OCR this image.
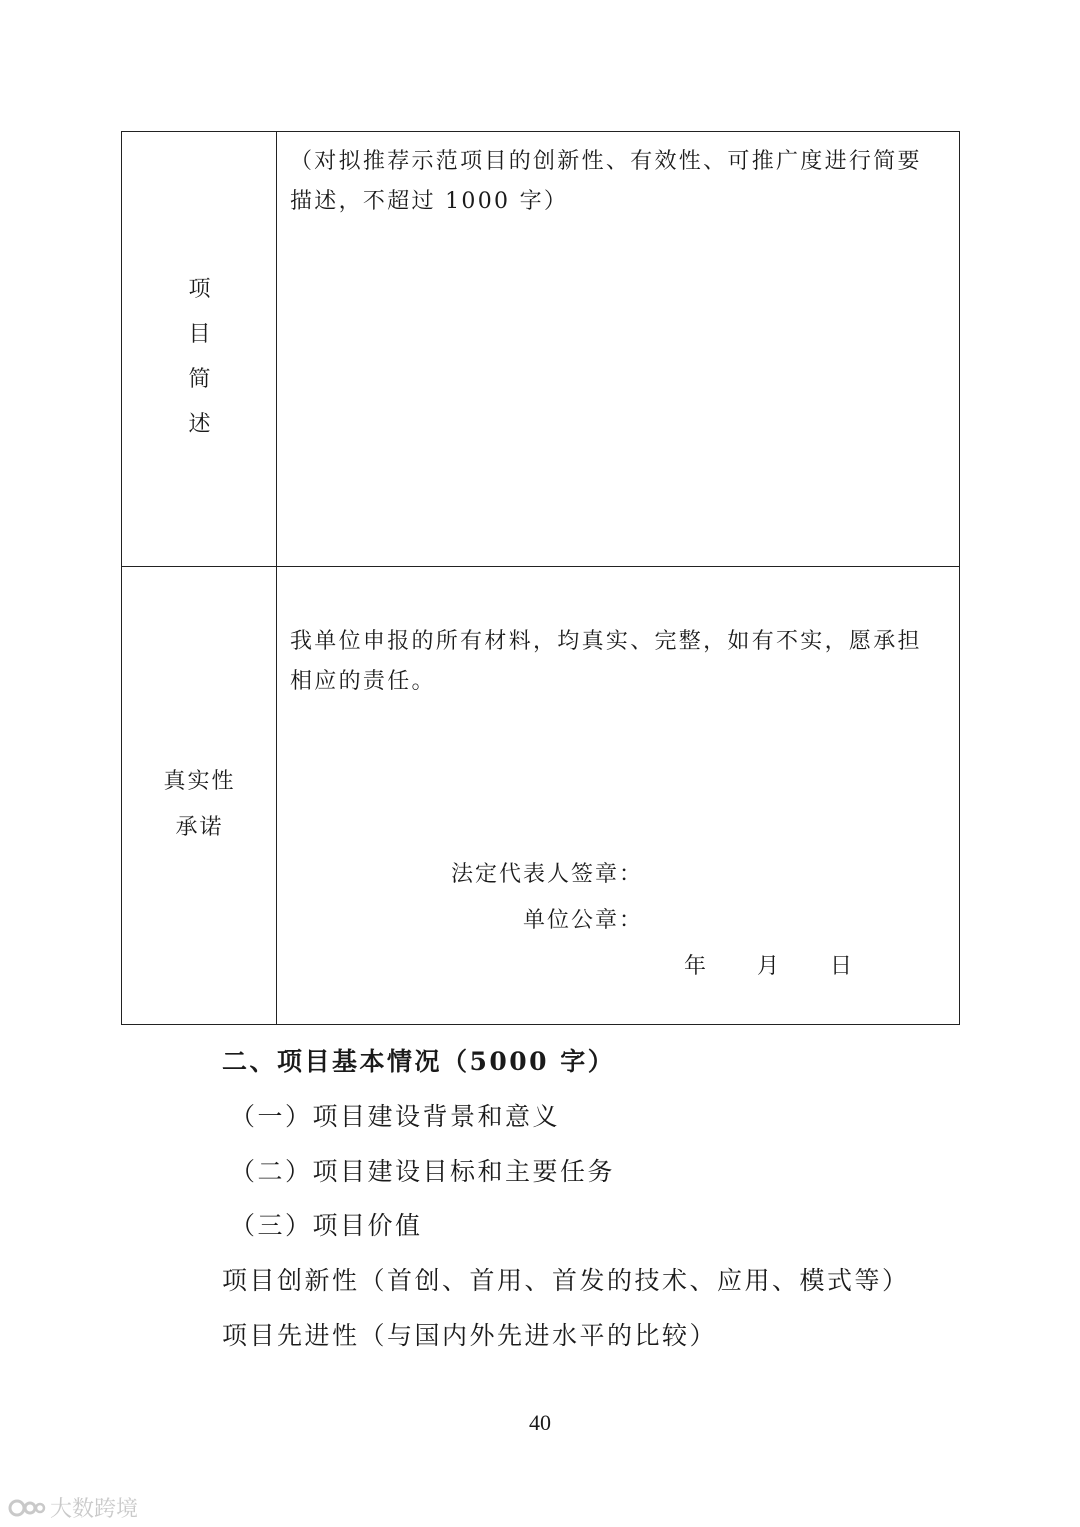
项
目
简
述
（对拟推荐示范项目的创新性、有效性、可推广度进行简要
描述，不超过 1000 字）
真实性
承诺
我单位申报的所有材料，均真实、完整，如有不实，愿承担
相应的责任。
法定代表人签章：
单位公章：
年 月 日
二、项目基本情况（5000 字）
（一）项目建设背景和意义
（二）项目建设目标和主要任务
（三）项目价值
项目创新性（首创、首用、首发的技术、应用、模式等）
项目先进性（与国内外先进水平的比较）
40
大数跨境
